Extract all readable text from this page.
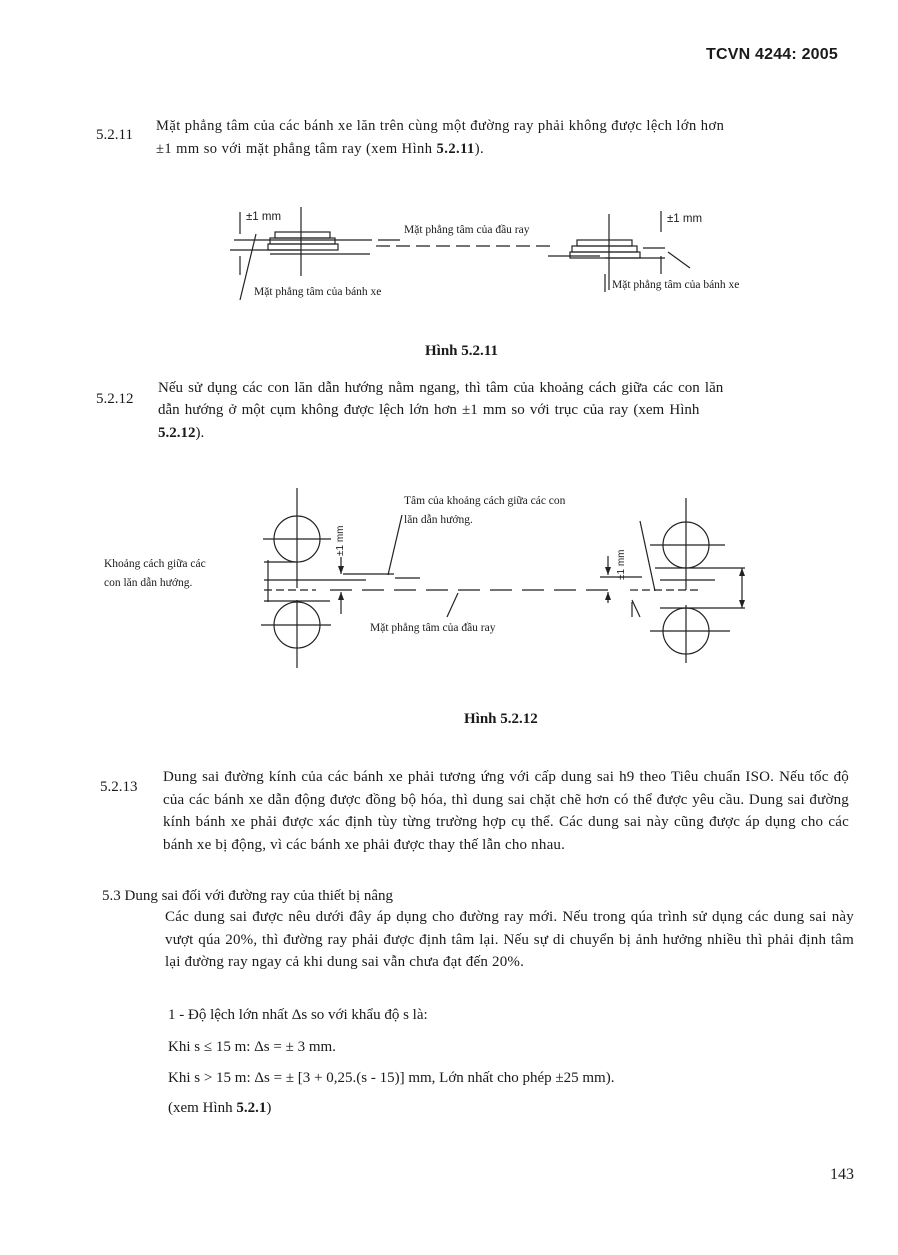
TCVN 4244: 2005
5.2.11
Mặt phẳng tâm của các bánh xe lăn trên cùng một đường ray phải không được lệch lớn hơn
±1 mm so với mặt phẳng tâm ray (xem Hình 5.2.11).
±1 mm	±1 mm
Mặt phẳng tâm của đầu ray
Mặt phẳng tâm của bánh xe
Mặt phẳng tâm của bánh xe
Hình 5.2.11
5.2.12
Nếu sử dụng các con lăn dẫn hướng nằm ngang, thì tâm của khoảng cách giữa các con lăn
dẫn hướng ở một cụm không được lệch lớn hơn ±1 mm so với trục của ray (xem Hình
5.2.12).
Tâm của khoảng cách giữa các con
lăn dẫn hướng.
Khoảng cách giữa các
con lăn dẫn hướng.
±1 mm
±1 mm
Mặt phẳng tâm của đầu ray
Hình 5.2.12
5.2.13
Dung sai đường kính của các bánh xe phải tương ứng với cấp dung sai h9 theo Tiêu chuẩn ISO. Nếu tốc độ của các bánh xe dẫn động được đồng bộ hóa, thì dung sai chặt chẽ hơn có thể được yêu cầu. Dung sai đường kính bánh xe phải được xác định tùy từng trường hợp cụ thể. Các dung sai này cũng được áp dụng cho các bánh xe bị động, vì các bánh xe phải được thay thế lẫn cho nhau.
5.3 Dung sai đối với đường ray của thiết bị nâng
Các dung sai được nêu dưới đây áp dụng cho đường ray mới. Nếu trong qúa trình sử dụng các dung sai này vượt qúa 20%, thì đường ray phải được định tâm lại. Nếu sự di chuyển bị ảnh hưởng nhiều thì phải định tâm lại đường ray ngay cả khi dung sai vẫn chưa đạt đến 20%.
1 - Độ lệch lớn nhất Δs so với khẩu độ s là:
Khi s ≤ 15 m: Δs = ± 3 mm.
Khi s > 15 m: Δs = ± [3 + 0,25.(s - 15)] mm, Lớn nhất cho phép ±25 mm).
(xem Hình 5.2.1)
143
